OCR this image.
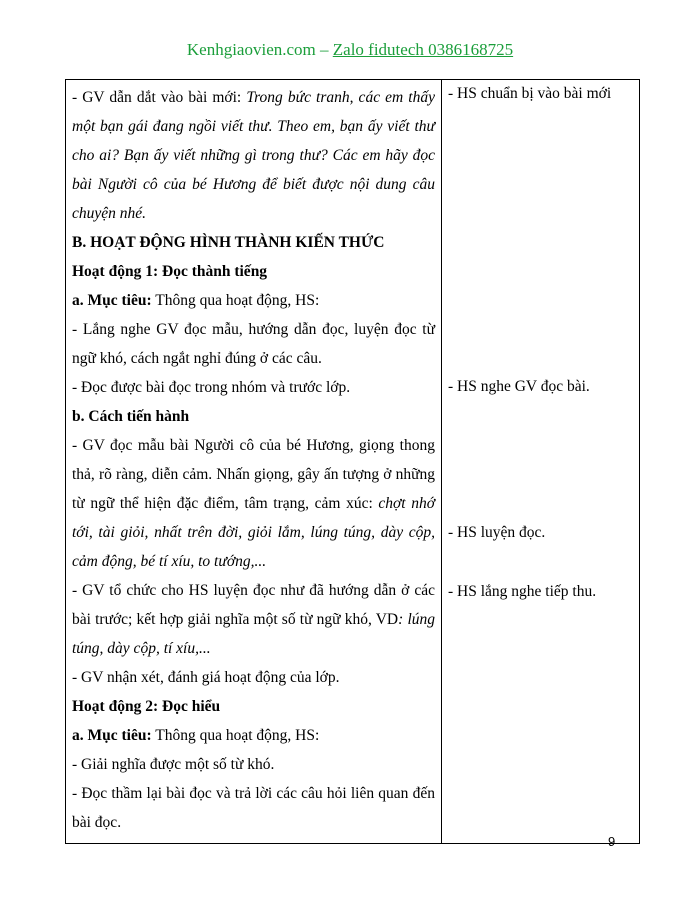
Kenhgiaovien.com – Zalo fidutech 0386168725
- GV dẫn dắt vào bài mới: Trong bức tranh, các em thấy một bạn gái đang ngồi viết thư. Theo em, bạn ấy viết thư cho ai? Bạn ấy viết những gì trong thư? Các em hãy đọc bài Người cô của bé Hương để biết được nội dung câu chuyện nhé.
B. HOẠT ĐỘNG HÌNH THÀNH KIẾN THỨC
Hoạt động 1: Đọc thành tiếng
a. Mục tiêu: Thông qua hoạt động, HS:
- Lắng nghe GV đọc mẫu, hướng dẫn đọc, luyện đọc từ ngữ khó, cách ngắt nghỉ đúng ở các câu.
- Đọc được bài đọc trong nhóm và trước lớp.
b. Cách tiến hành
- GV đọc mẫu bài Người cô của bé Hương, giọng thong thả, rõ ràng, diễn cảm. Nhấn giọng, gây ấn tượng ở những từ ngữ thể hiện đặc điểm, tâm trạng, cảm xúc: chợt nhớ tới, tài giỏi, nhất trên đời, giỏi lắm, lúng túng, dày cộp, cảm động, bé tí xíu, to tướng,...
- GV tổ chức cho HS luyện đọc như đã hướng dẫn ở các bài trước; kết hợp giải nghĩa một số từ ngữ khó, VD: lúng túng, dày cộp, tí xíu,...
- GV nhận xét, đánh giá hoạt động của lớp.
Hoạt động 2: Đọc hiểu
a. Mục tiêu: Thông qua hoạt động, HS:
- Giải nghĩa được một số từ khó.
- Đọc thầm lại bài đọc và trả lời các câu hỏi liên quan đến bài đọc.

- HS chuẩn bị vào bài mới
- HS nghe GV đọc bài.
- HS luyện đọc.
- HS lắng nghe tiếp thu.
9
